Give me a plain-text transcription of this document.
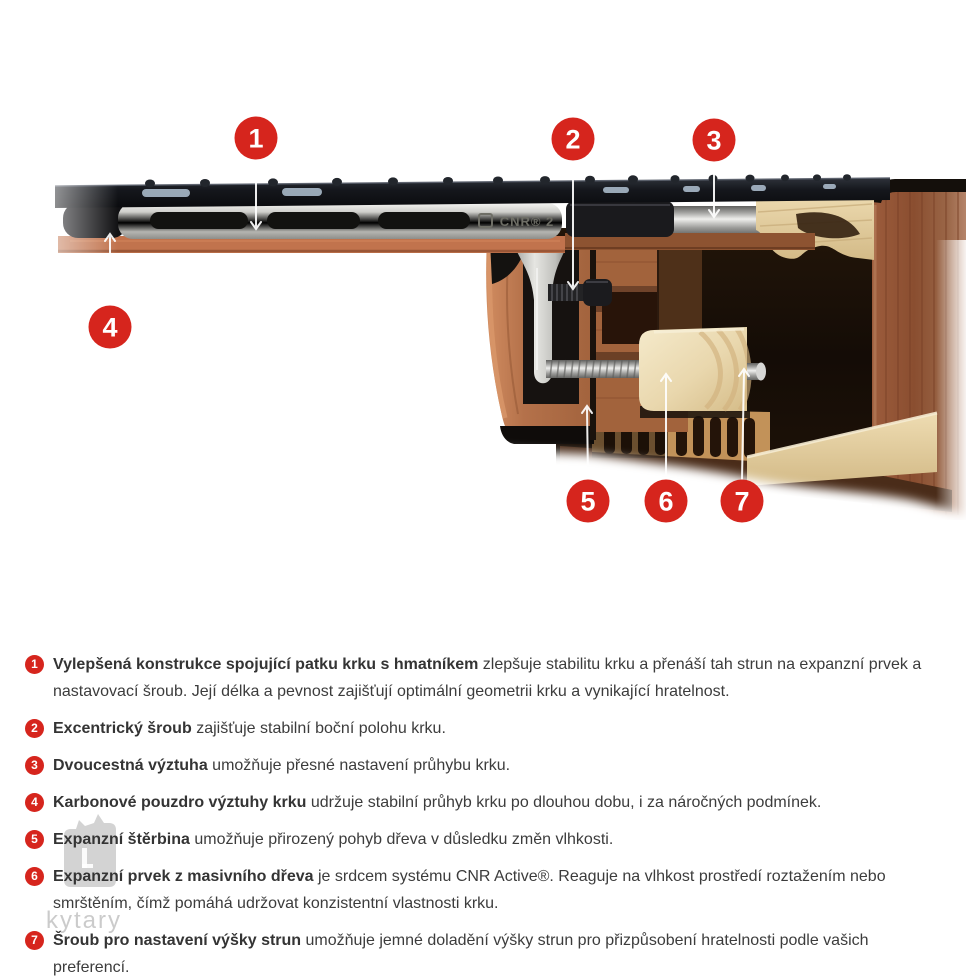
CNR® 2
1	2	3
4
5 6 7
kytary
1 Vylepšená konstrukce spojující patku krku s hmatníkem zlepšuje stabilitu krku a přenáší tah strun na expanzní prvek a nastavovací šroub. Její délka a pevnost zajišťují optimální geometrii krku a vynikající hratelnost.
2 Excentrický šroub zajišťuje stabilní boční polohu krku.
3 Dvoucestná výztuha umožňuje přesné nastavení průhybu krku.
4 Karbonové pouzdro výztuhy krku udržuje stabilní průhyb krku po dlouhou dobu, i za náročných podmínek.
5 Expanzní štěrbina umožňuje přirozený pohyb dřeva v důsledku změn vlhkosti.
6 Expanzní prvek z masivního dřeva je srdcem systému CNR Active®. Reaguje na vlhkost prostředí roztažením nebo smrštěním, čímž pomáhá udržovat konzistentní vlastnosti krku.
7 Šroub pro nastavení výšky strun umožňuje jemné doladění výšky strun pro přizpůsobení hratelnosti podle vašich preferencí.
